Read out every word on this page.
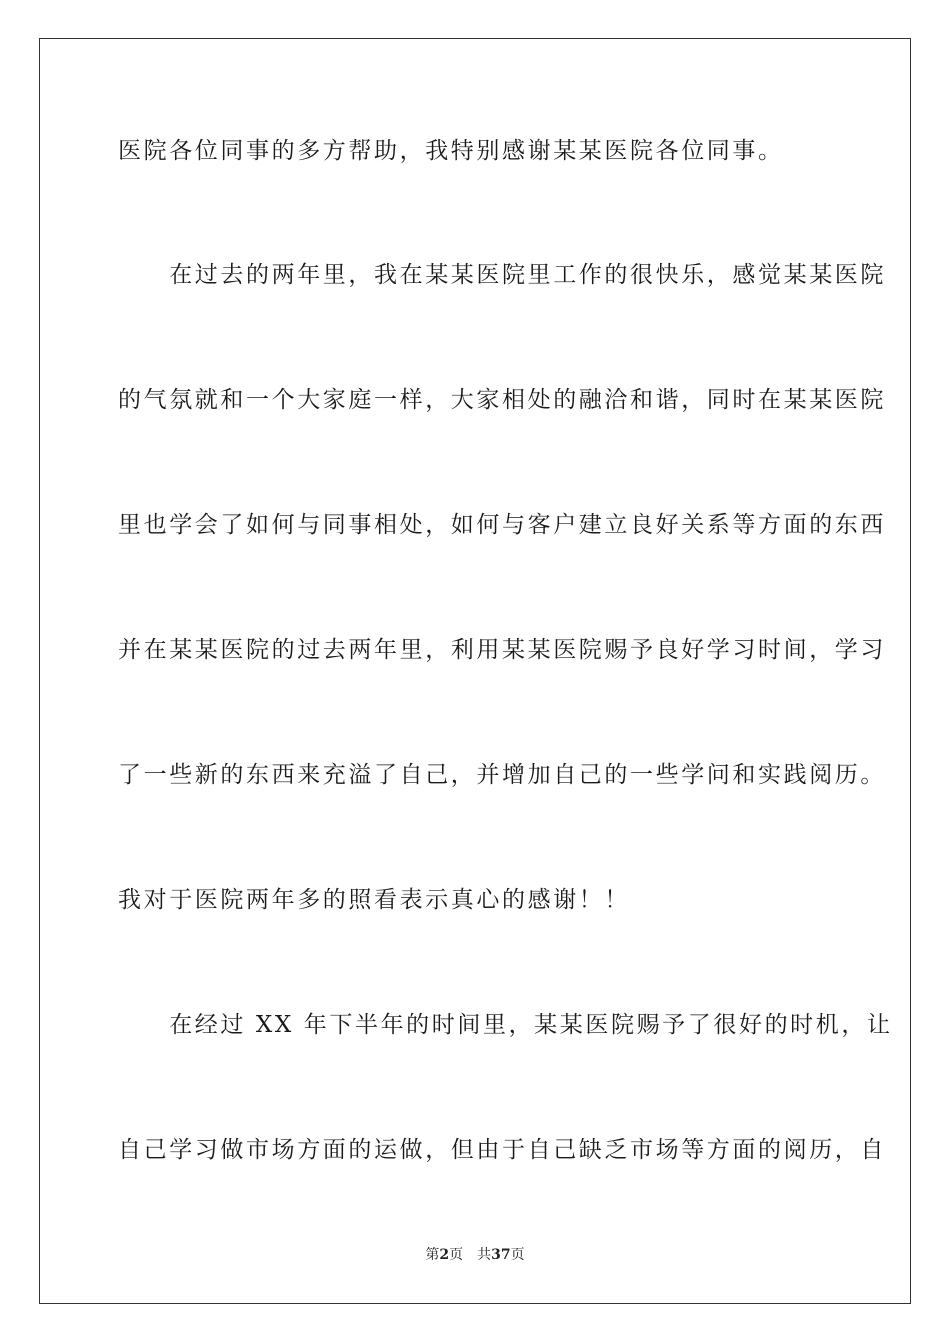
医院各位同事的多方帮助，我特别感谢某某医院各位同事。
　　在过去的两年里，我在某某医院里工作的很快乐，感觉某某医院
的气氛就和一个大家庭一样，大家相处的融洽和谐，同时在某某医院
里也学会了如何与同事相处，如何与客户建立良好关系等方面的东西
并在某某医院的过去两年里，利用某某医院赐予良好学习时间，学习
了一些新的东西来充溢了自己，并增加自己的一些学问和实践阅历。
我对于医院两年多的照看表示真心的感谢！！
　　在经过 XX 年下半年的时间里，某某医院赐予了很好的时机，让
自己学习做市场方面的运做，但由于自己缺乏市场等方面的阅历，自
第2页 共37页
